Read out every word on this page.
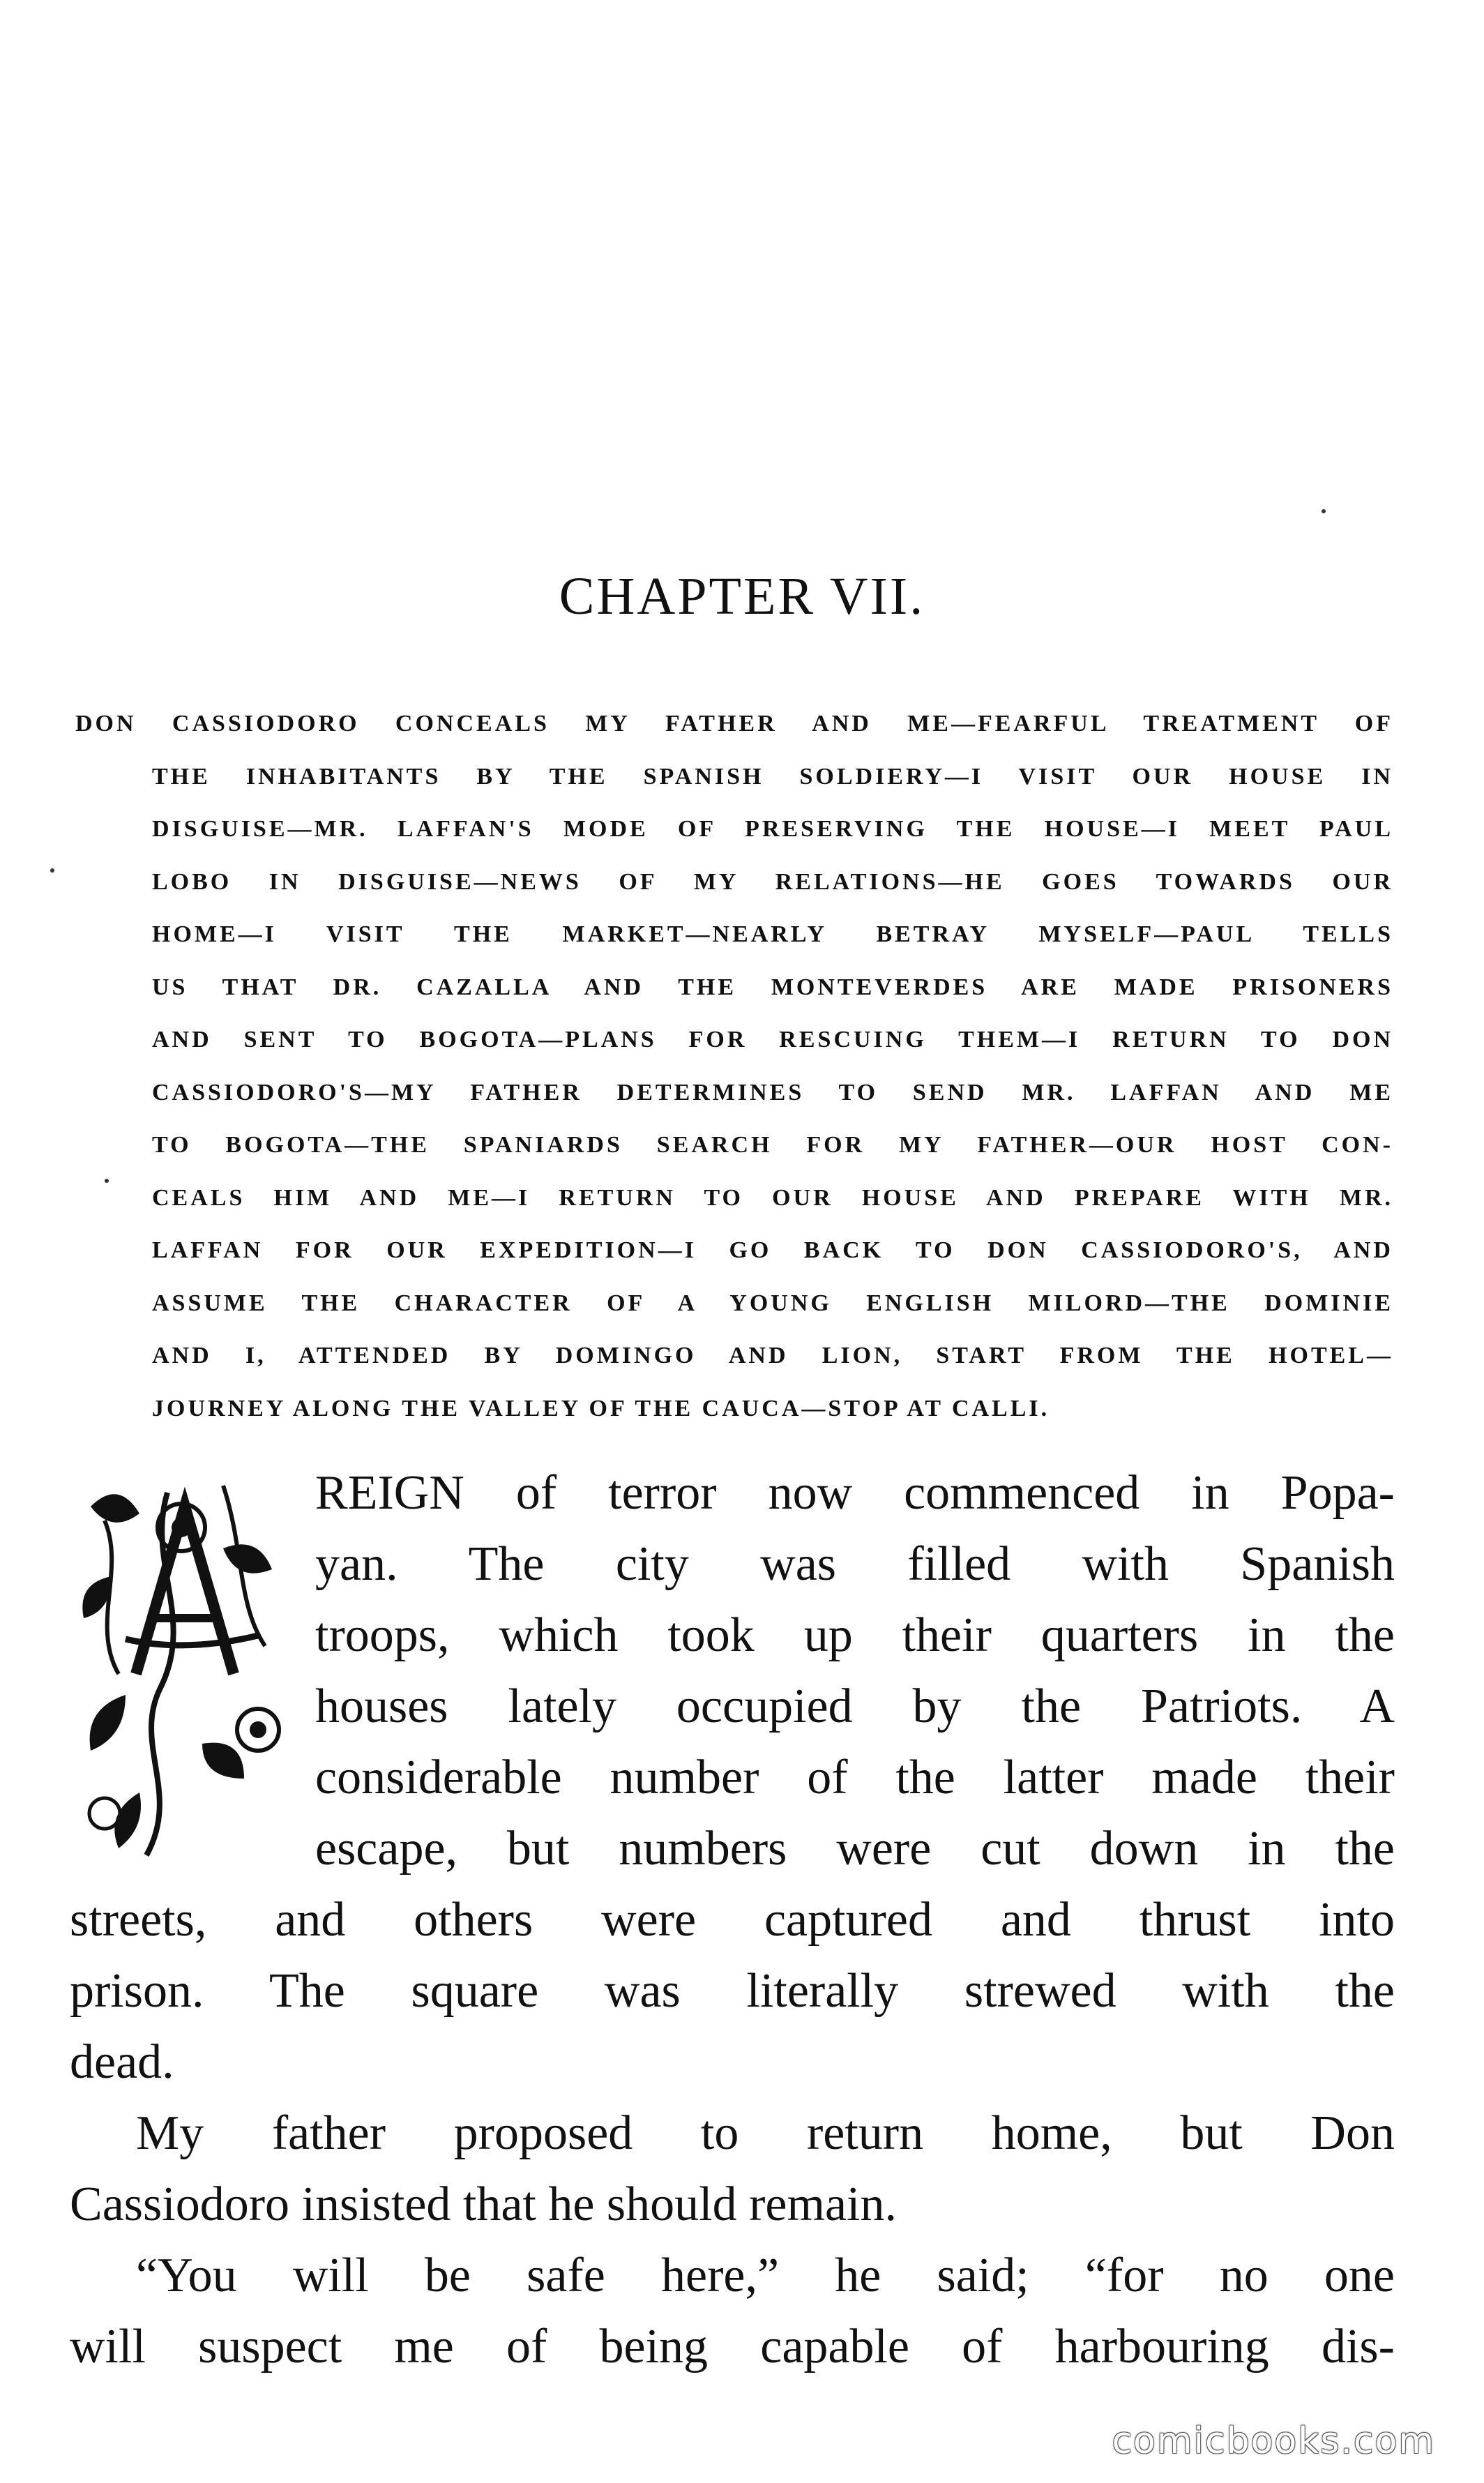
CHAPTER VII.
DON CASSIODORO CONCEALS MY FATHER AND ME—FEARFUL TREATMENT OF
THE INHABITANTS BY THE SPANISH SOLDIERY—I VISIT OUR HOUSE IN
DISGUISE—MR. LAFFAN'S MODE OF PRESERVING THE HOUSE—I MEET PAUL
LOBO IN DISGUISE—NEWS OF MY RELATIONS—HE GOES TOWARDS OUR
HOME—I VISIT THE MARKET—NEARLY BETRAY MYSELF—PAUL TELLS
US THAT DR. CAZALLA AND THE MONTEVERDES ARE MADE PRISONERS
AND SENT TO BOGOTA—PLANS FOR RESCUING THEM—I RETURN TO DON
CASSIODORO'S—MY FATHER DETERMINES TO SEND MR. LAFFAN AND ME
TO BOGOTA—THE SPANIARDS SEARCH FOR MY FATHER—OUR HOST CON-
CEALS HIM AND ME—I RETURN TO OUR HOUSE AND PREPARE WITH MR.
LAFFAN FOR OUR EXPEDITION—I GO BACK TO DON CASSIODORO'S, AND
ASSUME THE CHARACTER OF A YOUNG ENGLISH MILORD—THE DOMINIE
AND I, ATTENDED BY DOMINGO AND LION, START FROM THE HOTEL—
JOURNEY ALONG THE VALLEY OF THE CAUCA—STOP AT CALLI.
REIGN of terror now commenced in Popa-
yan. The city was filled with Spanish
troops, which took up their quarters in the
houses lately occupied by the Patriots. A
considerable number of the latter made their
escape, but numbers were cut down in the
streets, and others were captured and thrust into
prison. The square was literally strewed with the
dead.
My father proposed to return home, but Don
Cassiodoro insisted that he should remain.
“You will be safe here,” he said; “for no one
will suspect me of being capable of harbouring dis-
comicbooks.com
